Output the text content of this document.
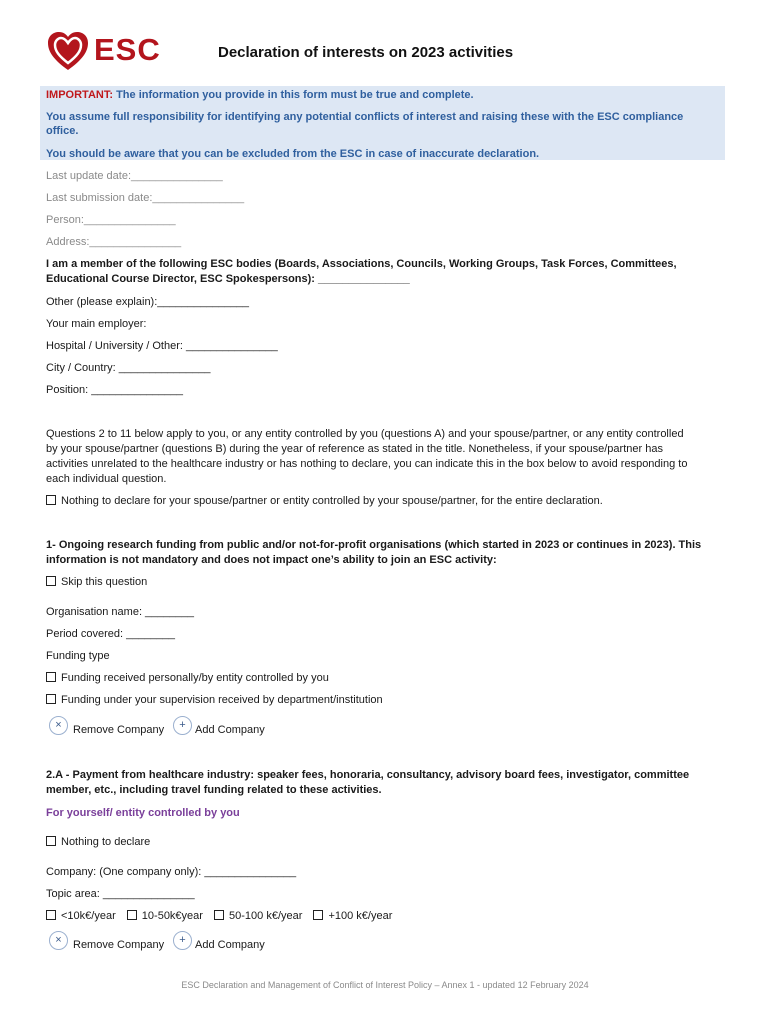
ESC	Declaration of interests on 2023 activities
IMPORTANT: The information you provide in this form must be true and complete.
You assume full responsibility for identifying any potential conflicts of interest and raising these with the ESC compliance office.
You should be aware that you can be excluded from the ESC in case of inaccurate declaration.
Last update date:_______________
Last submission date:_______________
Person:_______________
Address:_______________
I am a member of the following ESC bodies (Boards, Associations, Councils, Working Groups, Task Forces, Committees, Educational Course Director, ESC Spokespersons): _______________
Other (please explain):_______________
Your main employer:
Hospital / University / Other: _______________
City / Country: _______________
Position: _______________
Questions 2 to 11 below apply to you, or any entity controlled by you (questions A) and your spouse/partner, or any entity controlled by your spouse/partner (questions B) during the year of reference as stated in the title. Nonetheless, if your spouse/partner has activities unrelated to the healthcare industry or has nothing to declare, you can indicate this in the box below to avoid responding to each individual question.
Nothing to declare for your spouse/partner or entity controlled by your spouse/partner, for the entire declaration.
1- Ongoing research funding from public and/or not-for-profit organisations (which started in 2023 or continues in 2023). This information is not mandatory and does not impact one’s ability to join an ESC activity:
Skip this question
Organisation name: ________
Period covered: ________
Funding type
Funding received personally/by entity controlled by you
Funding under your supervision received by department/institution
×	Remove Company	+ Add Company
2.A - Payment from healthcare industry: speaker fees, honoraria, consultancy, advisory board fees, investigator, committee member, etc., including travel funding related to these activities.
For yourself/ entity controlled by you
Nothing to declare
Company: (One company only): _______________
Topic area: _______________
<10k€/year 10-50k€year 50-100 k€/year +100 k€/year
×	Remove Company	+ Add Company
ESC Declaration and Management of Conflict of Interest Policy – Annex 1 - updated 12 February 2024
